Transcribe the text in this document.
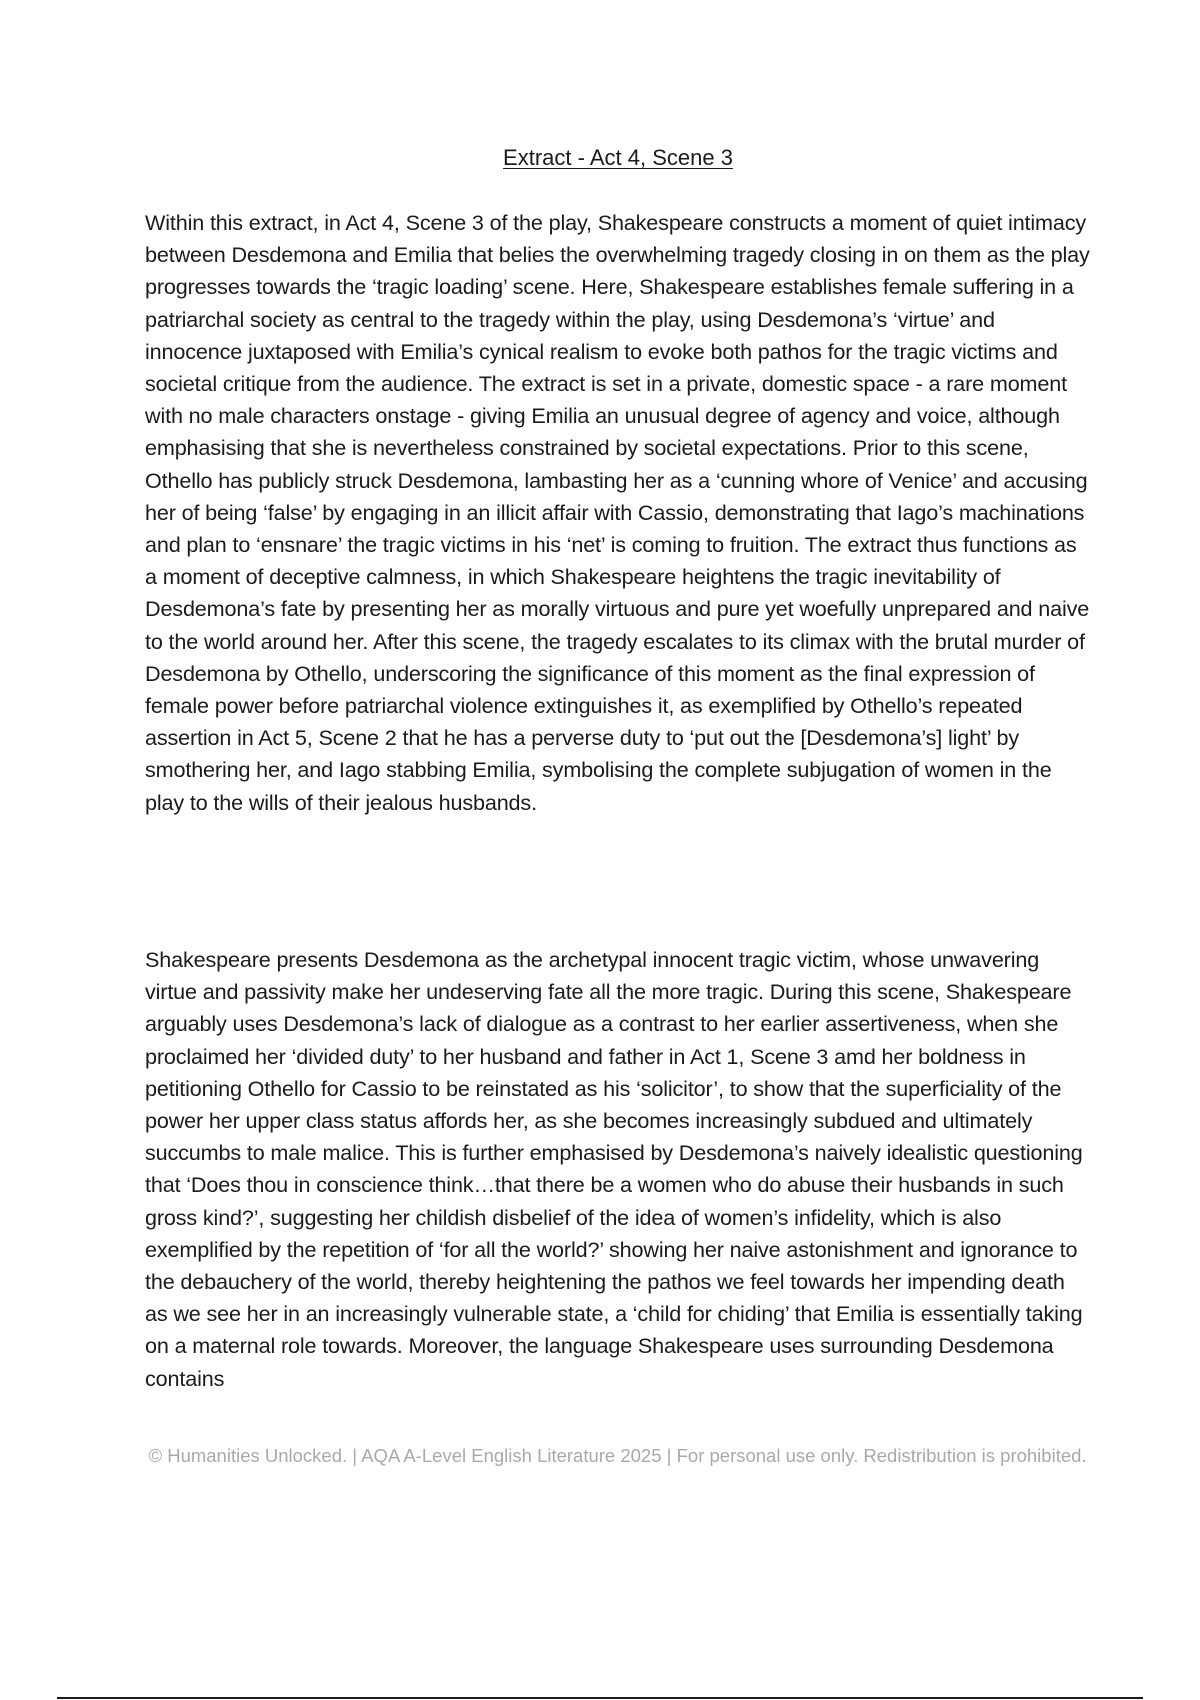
Extract - Act 4, Scene 3

Within this extract, in Act 4, Scene 3 of the play, Shakespeare constructs a moment of quiet intimacy between Desdemona and Emilia that belies the overwhelming tragedy closing in on them as the play progresses towards the ‘tragic loading’ scene. Here, Shakespeare establishes female suffering in a patriarchal society as central to the tragedy within the play, using Desdemona’s ‘virtue’ and innocence juxtaposed with Emilia’s cynical realism to evoke both pathos for the tragic victims and societal critique from the audience. The extract is set in a private, domestic space - a rare moment with no male characters onstage - giving Emilia an unusual degree of agency and voice, although emphasising that she is nevertheless constrained by societal expectations. Prior to this scene, Othello has publicly struck Desdemona, lambasting her as a ‘cunning whore of Venice’ and accusing her of being ‘false’ by engaging in an illicit affair with Cassio, demonstrating that Iago’s machinations and plan to ‘ensnare’ the tragic victims in his ‘net’ is coming to fruition. The extract thus functions as a moment of deceptive calmness, in which Shakespeare heightens the tragic inevitability of Desdemona’s fate by presenting her as morally virtuous and pure yet woefully unprepared and naive to the world around her. After this scene, the tragedy escalates to its climax with the brutal murder of Desdemona by Othello, underscoring the significance of this moment as the final expression of female power before patriarchal violence extinguishes it, as exemplified by Othello’s repeated assertion in Act 5, Scene 2 that he has a perverse duty to ‘put out the [Desdemona’s] light’ by smothering her, and Iago stabbing Emilia, symbolising the complete subjugation of women in the play to the wills of their jealous husbands.

Shakespeare presents Desdemona as the archetypal innocent tragic victim, whose unwavering virtue and passivity make her undeserving fate all the more tragic. During this scene, Shakespeare arguably uses Desdemona’s lack of dialogue as a contrast to her earlier assertiveness, when she proclaimed her ‘divided duty’ to her husband and father in Act 1, Scene 3 amd her boldness in petitioning Othello for Cassio to be reinstated as his ‘solicitor’, to show that the superficiality of the power her upper class status affords her, as she becomes increasingly subdued and ultimately succumbs to male malice. This is further emphasised by Desdemona’s naively idealistic questioning that ‘Does thou in conscience think…that there be a women who do abuse their husbands in such gross kind?’, suggesting her childish disbelief of the idea of women’s infidelity, which is also exemplified by the repetition of ‘for all the world?’ showing her naive astonishment and ignorance to the debauchery of the world, thereby heightening the pathos we feel towards her impending death as we see her in an increasingly vulnerable state, a ‘child for chiding’ that Emilia is essentially taking on a maternal role towards. Moreover, the language Shakespeare uses surrounding Desdemona contains

© Humanities Unlocked. | AQA A-Level English Literature 2025 | For personal use only. Redistribution is prohibited.
